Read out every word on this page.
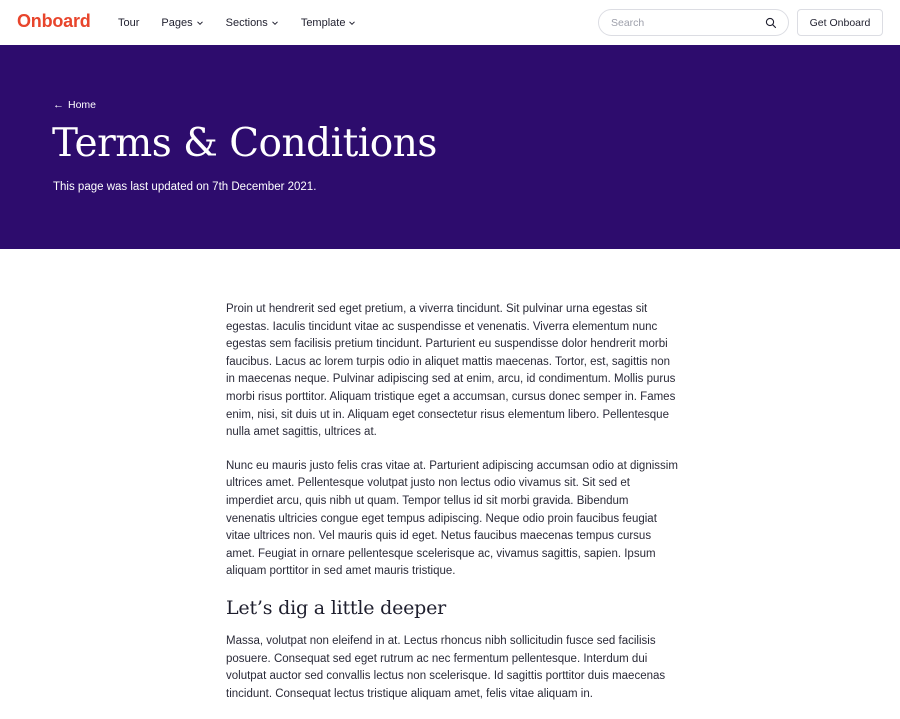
Onboard Tour Pages	Sections	Template
Search	Get Onboard
← Home
Terms & Conditions

This page was last updated on 7th December 2021.

Proin ut hendrerit sed eget pretium, a viverra tincidunt. Sit pulvinar urna egestas sit egestas. Iaculis tincidunt vitae ac suspendisse et venenatis. Viverra elementum nunc egestas sem facilisis pretium tincidunt. Parturient eu suspendisse dolor hendrerit morbi faucibus. Lacus ac lorem turpis odio in aliquet mattis maecenas. Tortor, est, sagittis non in maecenas neque. Pulvinar adipiscing sed at enim, arcu, id condimentum. Mollis purus morbi risus porttitor. Aliquam tristique eget a accumsan, cursus donec semper in. Fames enim, nisi, sit duis ut in. Aliquam eget consectetur risus elementum libero. Pellentesque nulla amet sagittis, ultrices at.

Nunc eu mauris justo felis cras vitae at. Parturient adipiscing accumsan odio at dignissim ultrices amet. Pellentesque volutpat justo non lectus odio vivamus sit. Sit sed et imperdiet arcu, quis nibh ut quam. Tempor tellus id sit morbi gravida. Bibendum venenatis ultricies congue eget tempus adipiscing. Neque odio proin faucibus feugiat vitae ultrices non. Vel mauris quis id eget. Netus faucibus maecenas tempus cursus amet. Feugiat in ornare pellentesque scelerisque ac, vivamus sagittis, sapien. Ipsum aliquam porttitor in sed amet mauris tristique.

Let’s dig a little deeper

Massa, volutpat non eleifend in at. Lectus rhoncus nibh sollicitudin fusce sed facilisis posuere. Consequat sed eget rutrum ac nec fermentum pellentesque. Interdum dui volutpat auctor sed convallis lectus non scelerisque. Id sagittis porttitor duis maecenas tincidunt. Consequat lectus tristique aliquam amet, felis vitae aliquam in.
